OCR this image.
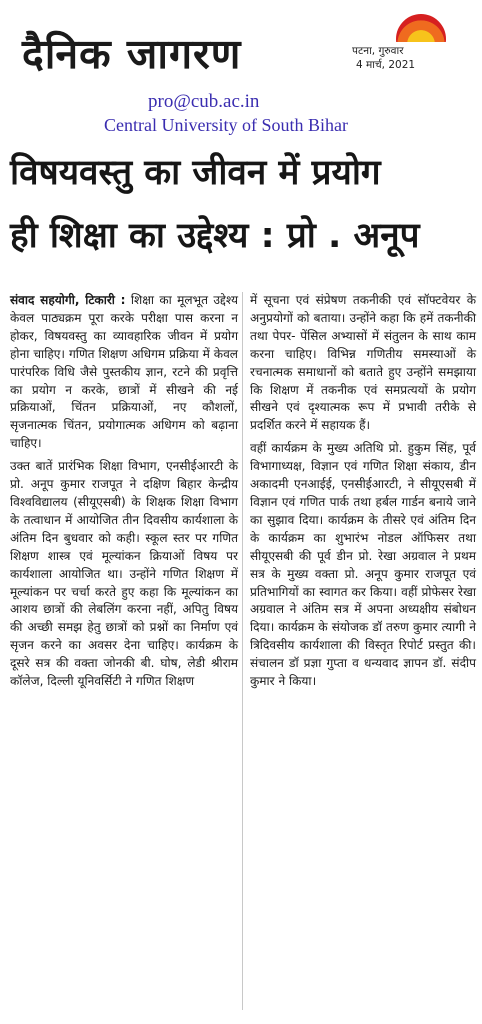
दैनिक जागरण	पटना, गुरुवार
4 मार्च, 2021
pro@cub.ac.in
Central University of South Bihar
विषयवस्तु का जीवन में प्रयोग
ही शिक्षा का उद्देश्य : प्रो . अनूप

संवाद सहयोगी, टिकारी : शिक्षा का मूलभूत उद्देश्य केवल पाठ्यक्रम पूरा करके परीक्षा पास करना न होकर, विषयवस्तु का व्यावहारिक जीवन में प्रयोग होना चाहिए। गणित शिक्षण अधिगम प्रक्रिया में केवल पारंपरिक विधि जैसे पुस्तकीय ज्ञान, रटने की प्रवृत्ति का प्रयोग न करके, छात्रों में सीखने की नई प्रक्रियाओं, चिंतन प्रक्रियाओं, नए कौशलों, सृजनात्मक चिंतन, प्रयोगात्मक अधिगम को बढ़ाना चाहिए।

उक्त बातें प्रारंभिक शिक्षा विभाग, एनसीईआरटी के प्रो. अनूप कुमार राजपूत ने दक्षिण बिहार केन्द्रीय विश्वविद्यालय (सीयूएसबी) के शिक्षक शिक्षा विभाग के तत्वाधान में आयोजित तीन दिवसीय कार्यशाला के अंतिम दिन बुधवार को कही। स्कूल स्तर पर गणित शिक्षण शास्त्र एवं मूल्यांकन क्रियाओं विषय पर कार्यशाला आयोजित था। उन्होंने गणित शिक्षण में मूल्यांकन पर चर्चा करते हुए कहा कि मूल्यांकन का आशय छात्रों की लेबलिंग करना नहीं, अपितु विषय की अच्छी समझ हेतु छात्रों को प्रश्नों का निर्माण एवं सृजन करने का अवसर देना चाहिए। कार्यक्रम के दूसरे सत्र की वक्ता जोनकी बी. घोष, लेडी श्रीराम कॉलेज, दिल्ली यूनिवर्सिटी ने गणित शिक्षण

में सूचना एवं संप्रेषण तकनीकी एवं सॉफ्टवेयर के अनुप्रयोगों को बताया। उन्होंने कहा कि हमें तकनीकी तथा पेपर- पेंसिल अभ्यासों में संतुलन के साथ काम करना चाहिए। विभिन्न गणितीय समस्याओं के रचनात्मक समाधानों को बताते हुए उन्होंने समझाया कि शिक्षण में तकनीक एवं समप्रत्ययों के प्रयोग सीखने एवं दृश्यात्मक रूप में प्रभावी तरीके से प्रदर्शित करने में सहायक हैं।

वहीं कार्यक्रम के मुख्य अतिथि प्रो. हुकुम सिंह, पूर्व विभागाध्यक्ष, विज्ञान एवं गणित शिक्षा संकाय, डीन अकादमी एनआईई, एनसीईआरटी, ने सीयूएसबी में विज्ञान एवं गणित पार्क तथा हर्बल गार्डन बनाये जाने का सुझाव दिया। कार्यक्रम के तीसरे एवं अंतिम दिन के कार्यक्रम का शुभारंभ नोडल ऑफिसर तथा सीयूएसबी की पूर्व डीन प्रो. रेखा अग्रवाल ने प्रथम सत्र के मुख्य वक्ता प्रो. अनूप कुमार राजपूत एवं प्रतिभागियों का स्वागत कर किया। वहीं प्रोफेसर रेखा अग्रवाल ने अंतिम सत्र में अपना अध्यक्षीय संबोधन दिया। कार्यक्रम के संयोजक डॉ तरुण कुमार त्यागी ने त्रिदिवसीय कार्यशाला की विस्तृत रिपोर्ट प्रस्तुत की। संचालन डॉ प्रज्ञा गुप्ता व धन्यवाद ज्ञापन डॉ. संदीप कुमार ने किया।
